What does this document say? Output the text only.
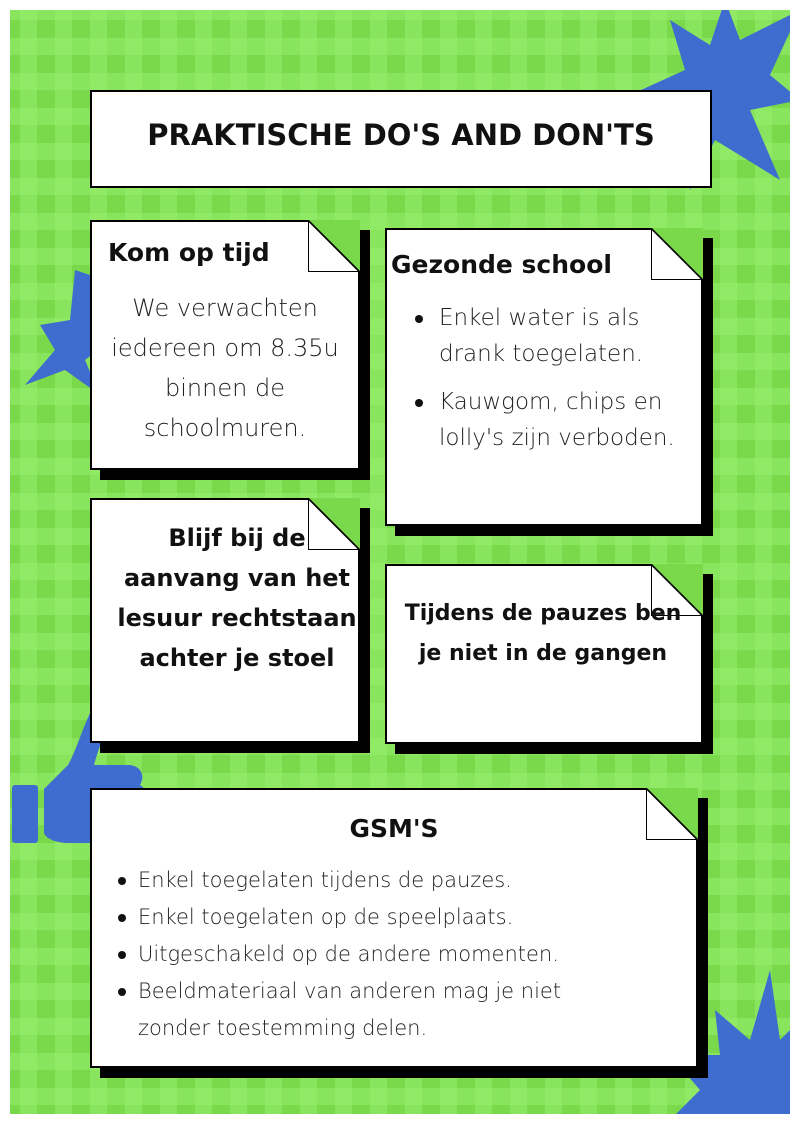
PRAKTISCHE DO'S AND DON'TS
Kom op tijd
We verwachten iedereen om 8.35u binnen de schoolmuren.
Gezonde school
Enkel water is als drank toegelaten.
Kauwgom, chips en lolly's zijn verboden.
Blijf bij de aanvang van het lesuur rechtstaan achter je stoel
Tijdens de pauzes ben je niet in de gangen
GSM'S
Enkel toegelaten tijdens de pauzes.
Enkel toegelaten op de speelplaats.
Uitgeschakeld op de andere momenten.
Beeldmateriaal van anderen mag je niet zonder toestemming delen.
